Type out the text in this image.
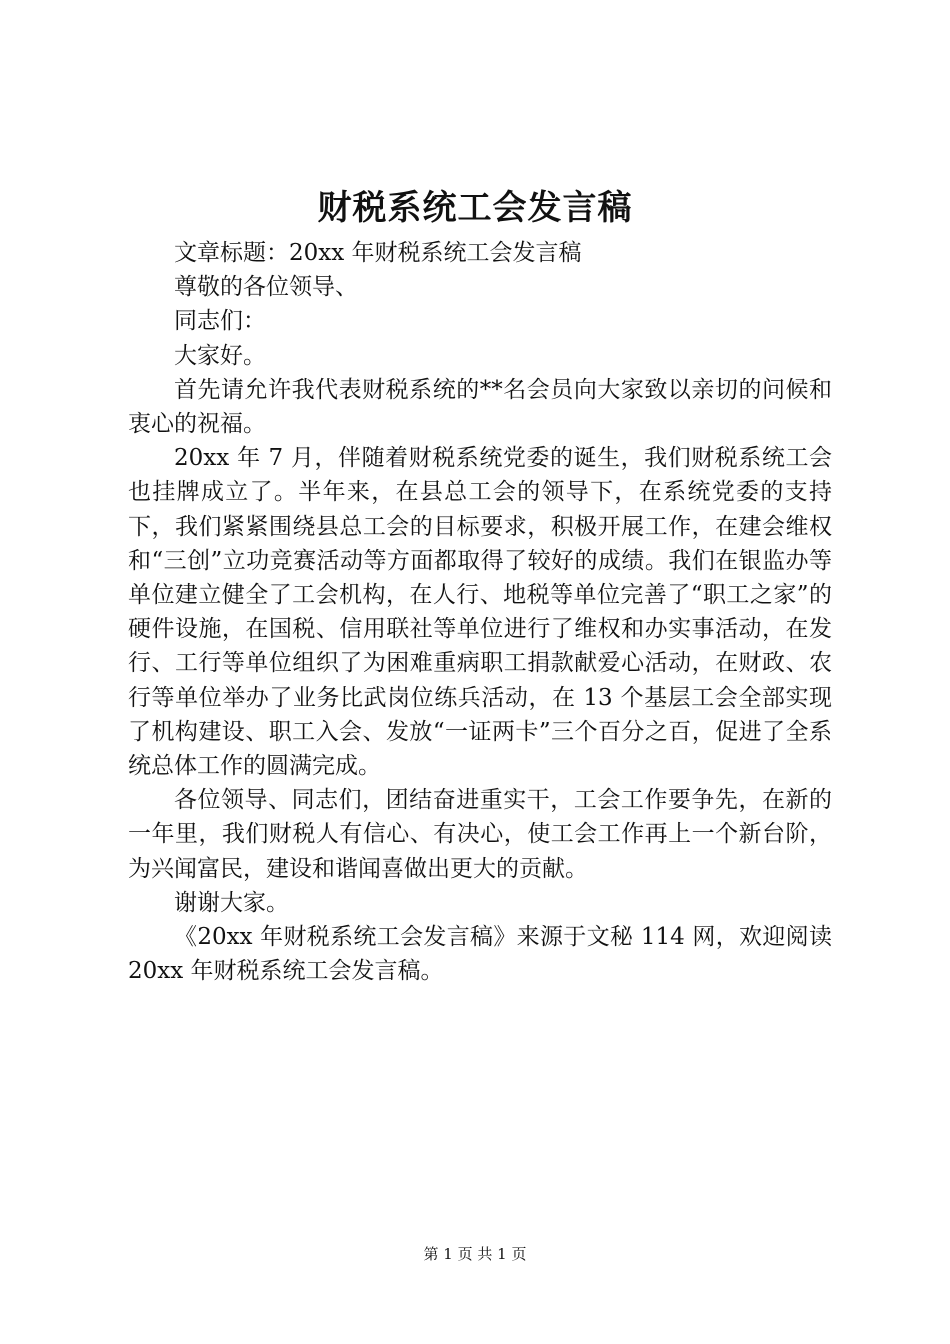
财税系统工会发言稿

文章标题：20xx 年财税系统工会发言稿

尊敬的各位领导、

同志们：

大家好。

首先请允许我代表财税系统的**名会员向大家致以亲切的问候和衷心的祝福。

20xx 年 7 月，伴随着财税系统党委的诞生，我们财税系统工会也挂牌成立了。半年来，在县总工会的领导下，在系统党委的支持下，我们紧紧围绕县总工会的目标要求，积极开展工作，在建会维权和“三创”立功竞赛活动等方面都取得了较好的成绩。我们在银监办等单位建立健全了工会机构，在人行、地税等单位完善了“职工之家”的硬件设施，在国税、信用联社等单位进行了维权和办实事活动，在发行、工行等单位组织了为困难重病职工捐款献爱心活动，在财政、农行等单位举办了业务比武岗位练兵活动，在 13 个基层工会全部实现了机构建设、职工入会、发放“一证两卡”三个百分之百，促进了全系统总体工作的圆满完成。

各位领导、同志们，团结奋进重实干，工会工作要争先，在新的一年里，我们财税人有信心、有决心，使工会工作再上一个新台阶，为兴闻富民，建设和谐闻喜做出更大的贡献。

谢谢大家。

《20xx 年财税系统工会发言稿》来源于文秘 114 网，欢迎阅读 20xx 年财税系统工会发言稿。

第 1 页 共 1 页
